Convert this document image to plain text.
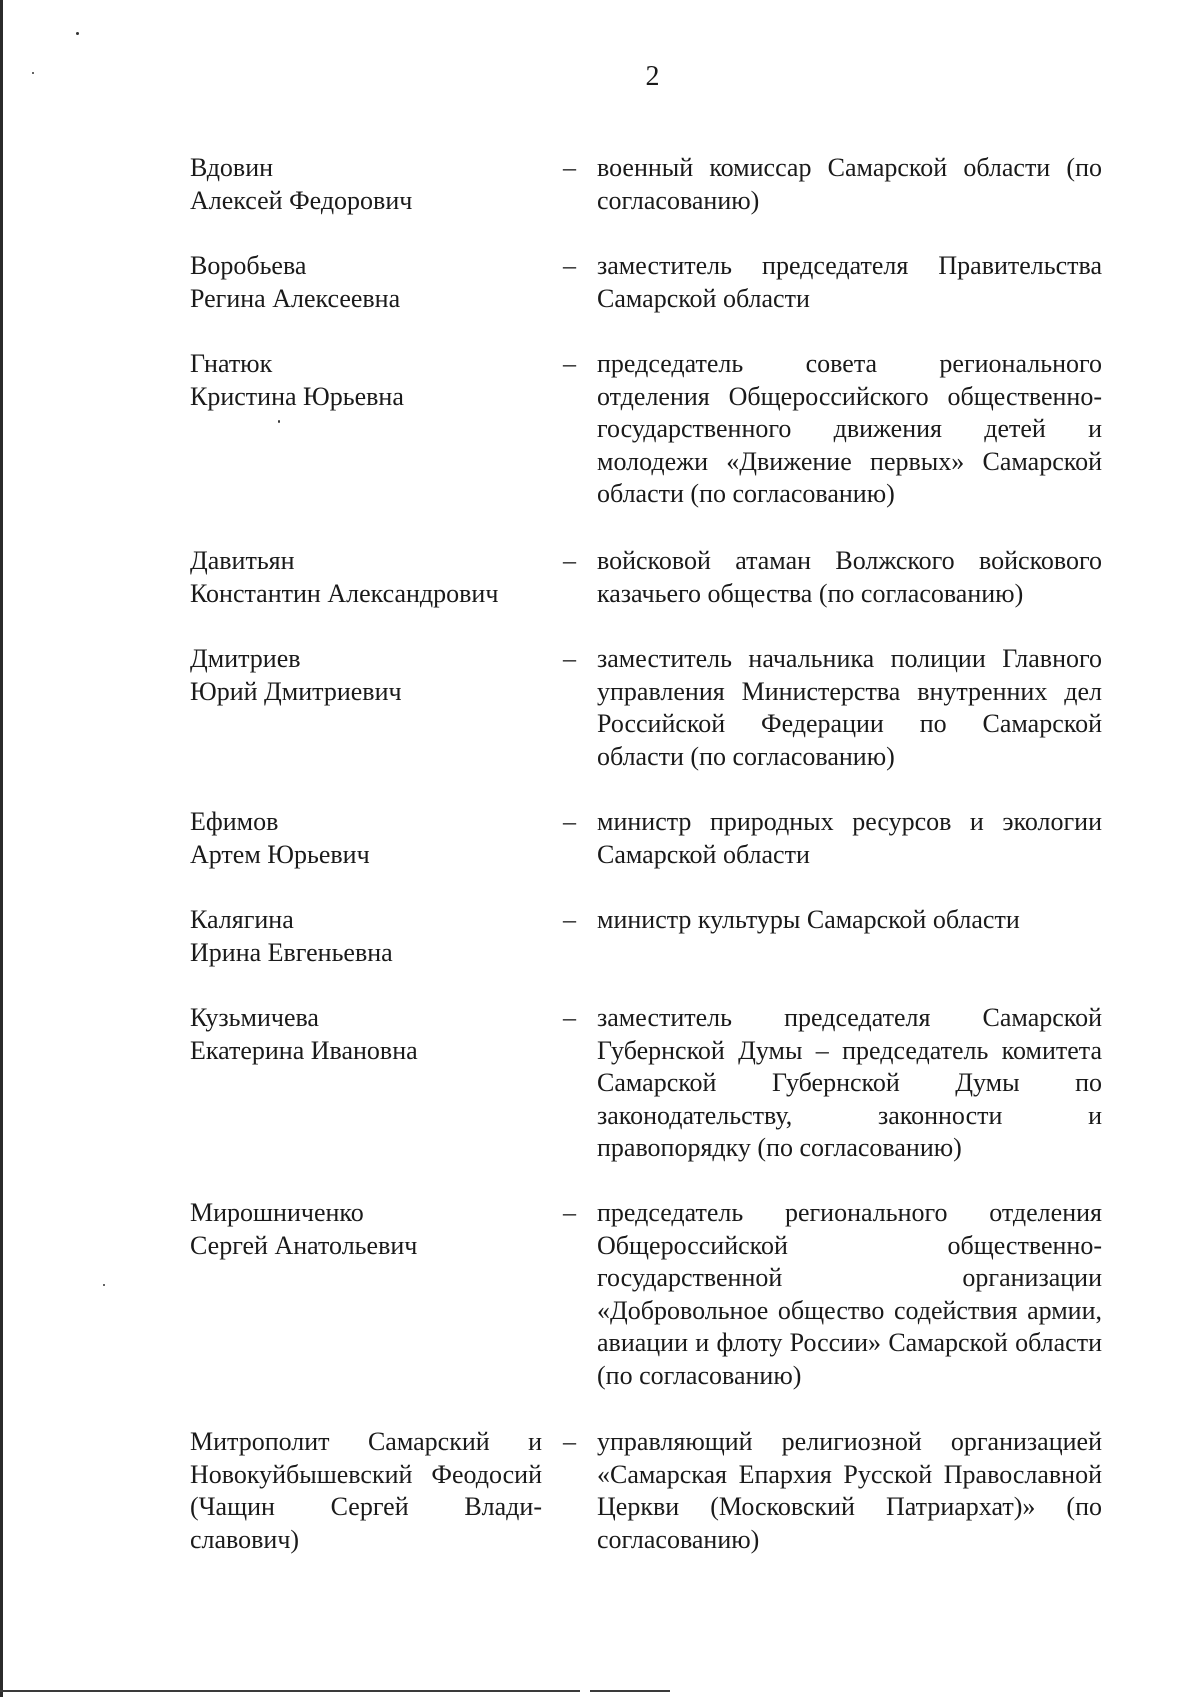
2
Вдовин
Алексей Федорович
– военный комиссар Самарской области (по согласованию)
Воробьева
Регина Алексеевна
– заместитель председателя Правительства Самарской области
Гнатюк
Кристина Юрьевна
– председатель совета регионального отделения Общероссийского общественно-государственного движения детей и молодежи «Движение первых» Самарской области (по согласованию)
Давитьян
Константин Александрович
– войсковой атаман Волжского войскового казачьего общества (по согласованию)
Дмитриев
Юрий Дмитриевич
– заместитель начальника полиции Главного управления Министерства внутренних дел Российской Федерации по Самарской области (по согласованию)
Ефимов
Артем Юрьевич
– министр природных ресурсов и экологии Самарской области
Калягина
Ирина Евгеньевна
– министр культуры Самарской области
Кузьмичева
Екатерина Ивановна
– заместитель председателя Самарской Губернской Думы – председатель комитета Самарской Губернской Думы по законодательству, законности и правопорядку (по согласованию)
Мирошниченко
Сергей Анатольевич
– председатель регионального отделения Общероссийской общественно-государственной организации «Добровольное общество содействия армии, авиации и флоту России» Самарской области (по согласованию)
Митрополит Самарский и Новокуйбышевский Феодосий (Чащин Сергей Владиславович)
– управляющий религиозной организацией «Самарская Епархия Русской Православной Церкви (Московский Патриархат)» (по согласованию)
